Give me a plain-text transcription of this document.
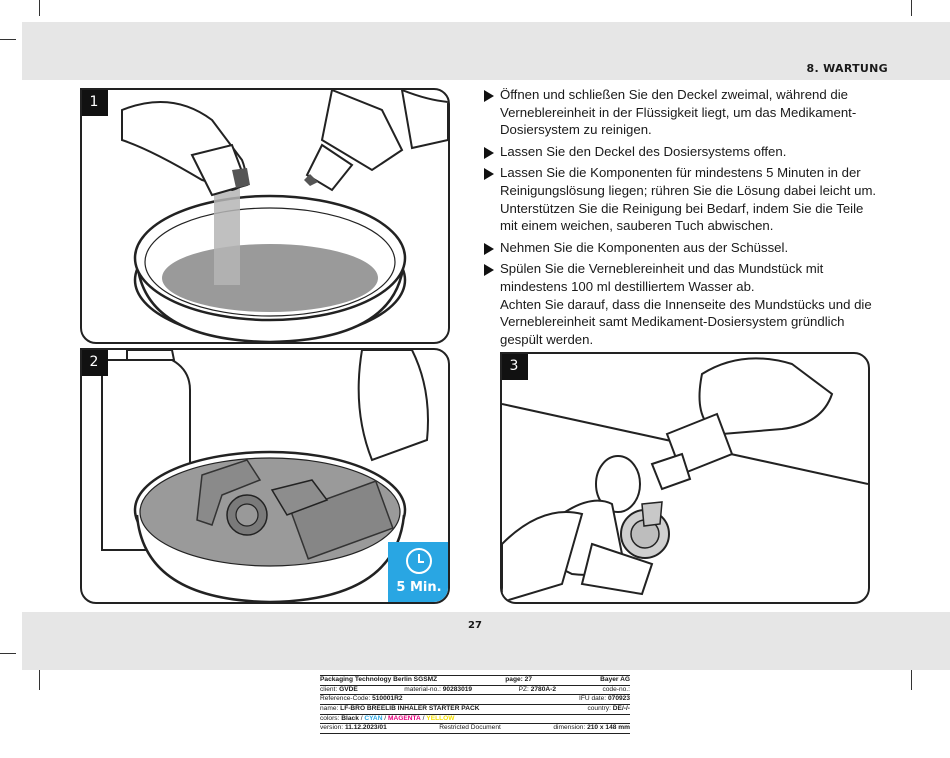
8. WARTUNG
1
2
5 Min.
Öffnen und schließen Sie den Deckel zweimal, während die
Verneblereinheit in der Flüssigkeit liegt, um das Medikament-
Dosiersystem zu reinigen.
Lassen Sie den Deckel des Dosiersystems offen.
Lassen Sie die Komponenten für mindestens 5 Minuten in der
Reinigungslösung liegen; rühren Sie die Lösung dabei leicht um.
Unterstützen Sie die Reinigung bei Bedarf, indem Sie die Teile
mit einem weichen, sauberen Tuch abwischen.
Nehmen Sie die Komponenten aus der Schüssel.
Spülen Sie die Verneblereinheit und das Mundstück mit
mindestens 100 ml destilliertem Wasser ab.
Achten Sie darauf, dass die Innenseite des Mundstücks und die
Verneblereinheit samt Medikament-Dosiersystem gründlich
gespült werden.
3
27
Packaging Technology Berlin SGSMZ	page: 27	Bayer AG
client: GVDE	material-no.: 90283019	PZ: 2780A-2	code-no.:
Reference-Code: 510001R2	IFU date: 070923
name: LF-BRO BREELIB INHALER STARTER PACK	country: DE/-/-
colors: Black / CYAN / MAGENTA / YELLOW
version: 11.12.2023/01	Restricted Document	dimension: 210 x 148 mm
